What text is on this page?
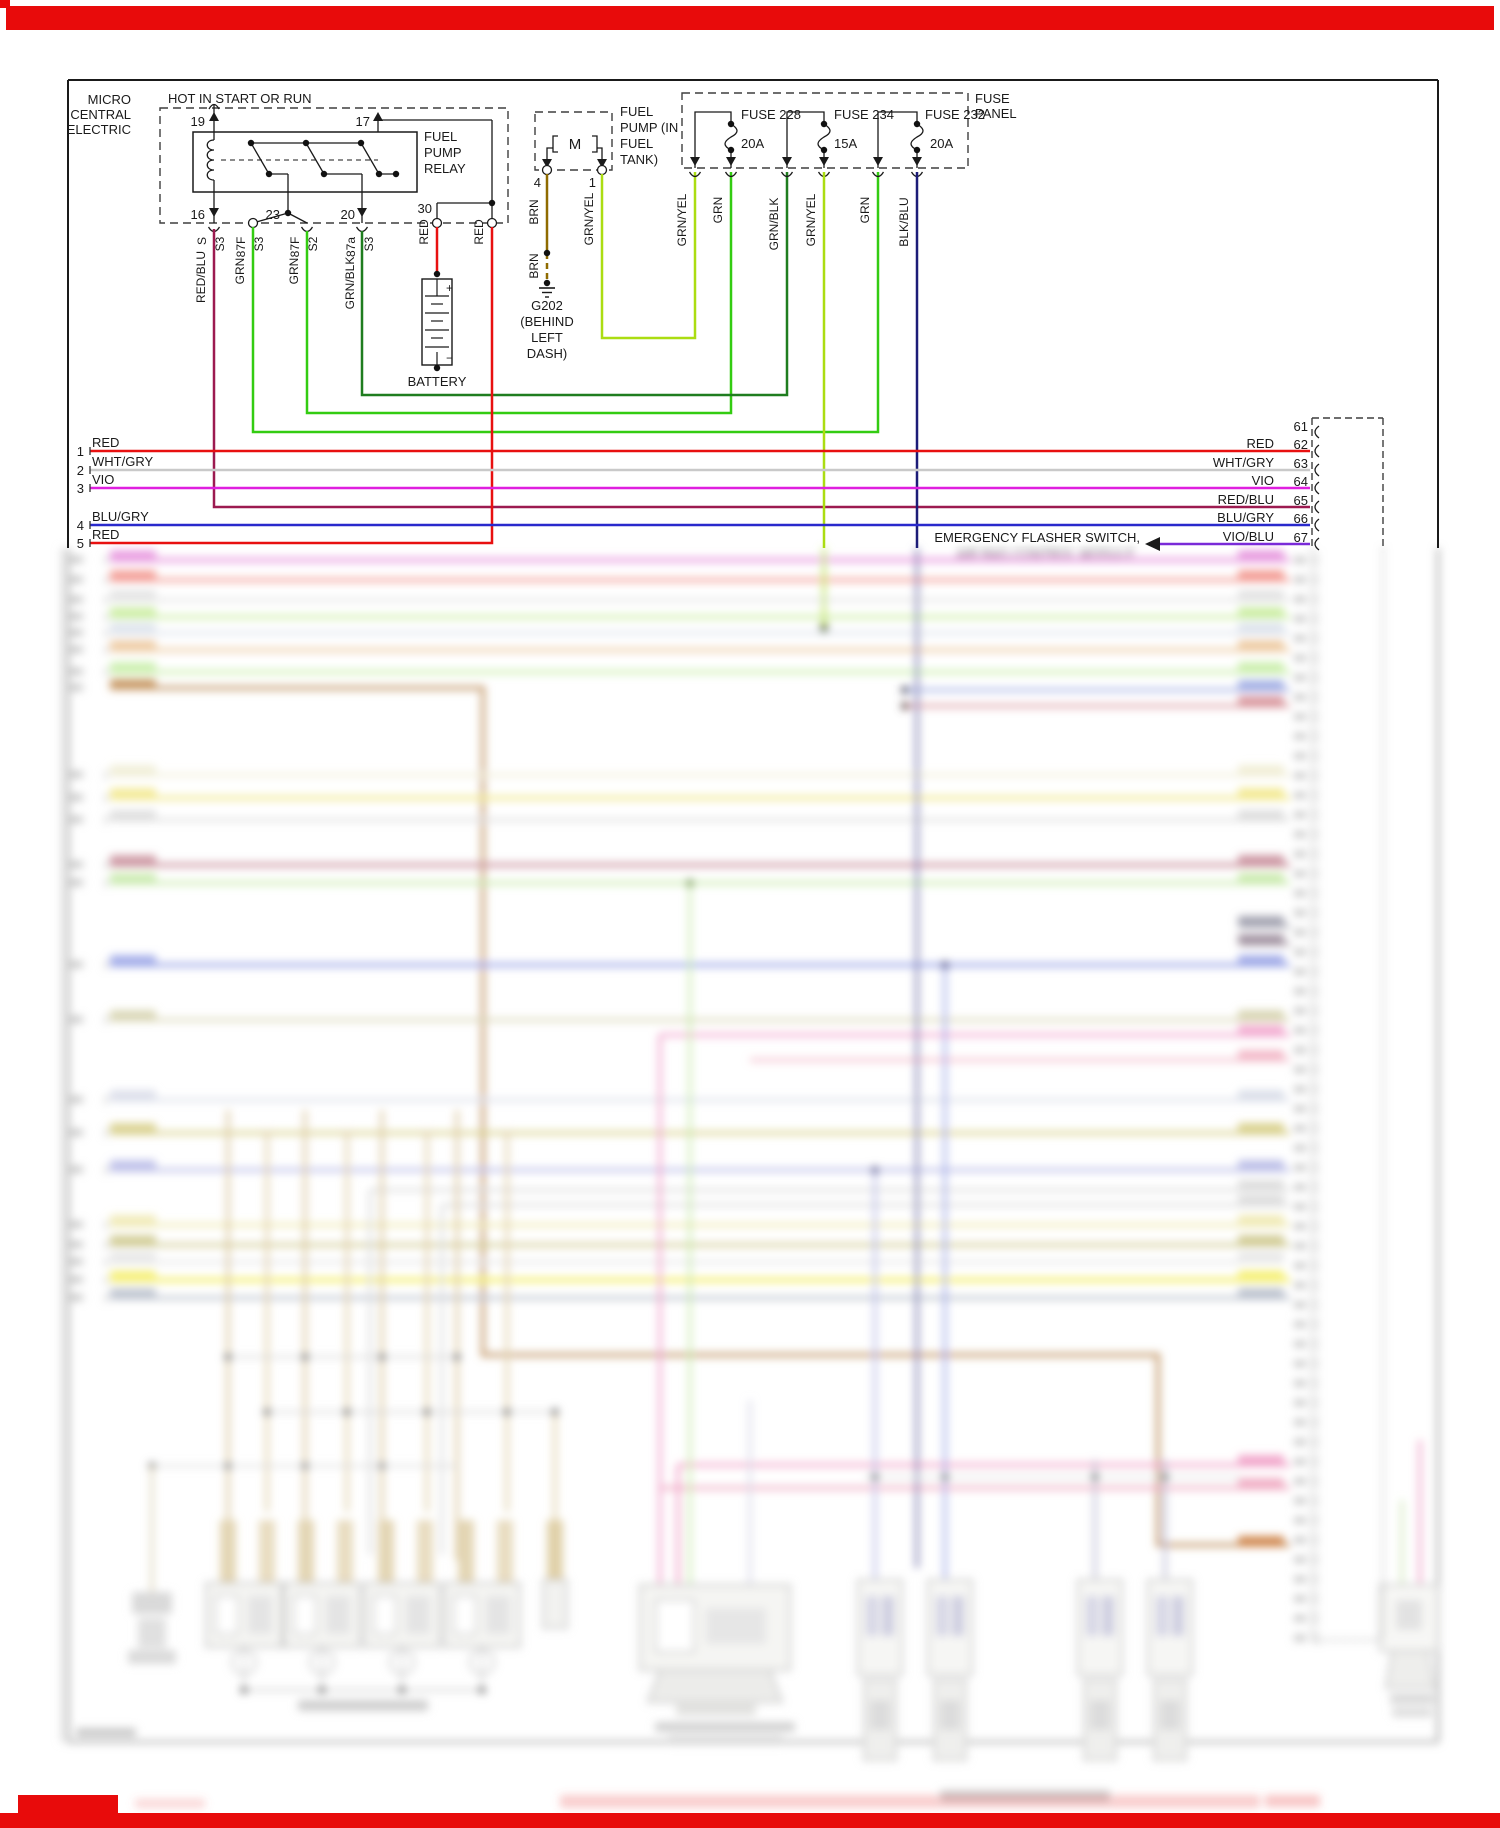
AIR BAG CONTROL MODULE
MICRO
CENTRAL
ELECTRIC
HOT IN START OR RUN
FUEL
PUMP
RELAY
19	17
16	23	20	30
S S3 87F S3 87F S2 87a S3
RED/BLU GRN	GRN	GRN/BLK
RED	RED
+
−
BATTERY
M
FUEL
PUMP (IN
FUEL
TANK)
4	1
BRN
BRN
GRN/YEL
G202
(BEHIND
LEFT
DASH)
FUSE
PANEL
FUSE 228
20A
FUSE 234
15A
FUSE 232
20A
GRN/YEL GRN	GRN/BLK GRN/YEL	GRN BLK/BLU
1
RED
2
WHT/GRY
3
VIO
4
BLU/GRY
5
RED
61
62
RED
63
WHT/GRY
64
VIO
65
RED/BLU
66
BLU/GRY
67
VIO/BLU
EMERGENCY FLASHER SWITCH,
